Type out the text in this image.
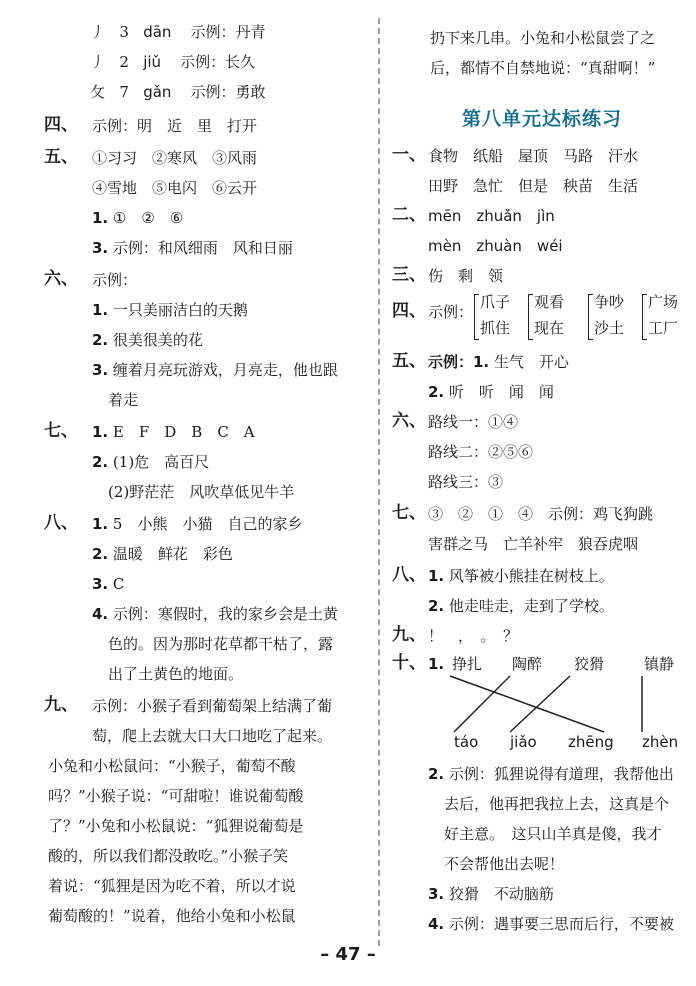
丿 3 dān 示例：丹青
丿 2 jiǔ 示例：长久
攵 7 gǎn 示例：勇敢
四、 示例：明　近　里　打开
五、 ①习习　②寒风　③风雨
④雪地　⑤电闪　⑥云开
1. ①　②　⑥
3. 示例：和风细雨　风和日丽
六、 示例：
1. 一只美丽洁白的天鹅
2. 很美很美的花
3. 缠着月亮玩游戏，月亮走，他也跟
着走
七、 1. E　F　D　B　C　A
2. (1)危　高百尺
(2)野茫茫　风吹草低见牛羊
八、 1. 5　小熊　小猫　自己的家乡
2. 温暖　鲜花　彩色
3. C
4. 示例：寒假时，我的家乡会是土黄
色的。因为那时花草都干枯了，露
出了土黄色的地面。
九、 示例：小猴子看到葡萄架上结满了葡
萄，爬上去就大口大口地吃了起来。
小兔和小松鼠问：“小猴子，葡萄不酸
吗？”小猴子说：“可甜啦！谁说葡萄酸
了？”小兔和小松鼠说：“狐狸说葡萄是
酸的，所以我们都没敢吃。”小猴子笑
着说：“狐狸是因为吃不着，所以才说
葡萄酸的！”说着，他给小兔和小松鼠
扔下来几串。小兔和小松鼠尝了之
后，都情不自禁地说：“真甜啊！”
第八单元达标练习
一、 食物　纸船　屋顶　马路　汗水
田野　急忙　但是　秧苗　生活
二、 mēn　zhuǎn　jìn
mèn　zhuàn　wéi
三、 伤　剩　领
四、 示例：
爪子
抓住
观看
现在
争吵
沙土
广场
工厂
五、 示例：1. 生气　开心
2. 听　听　闻　闻
六、 路线一：①④
路线二：②⑤⑥
路线三：③
七、 ③　②　①　④　示例：鸡飞狗跳
害群之马　亡羊补牢　狼吞虎咽
八、 1. 风筝被小熊挂在树枝上。
2. 他走哇走，走到了学校。
九、 ！　，　。　？
十、 1. 挣扎 陶醉 狡猾	镇静
táo jiǎo zhēng zhèn
2. 示例：狐狸说得有道理，我帮他出
去后，他再把我拉上去，这真是个
好主意。　这只山羊真是傻，我才
不会帮他出去呢！
3. 狡猾　不动脑筋
4. 示例：遇事要三思而后行，不要被
– 47 –
